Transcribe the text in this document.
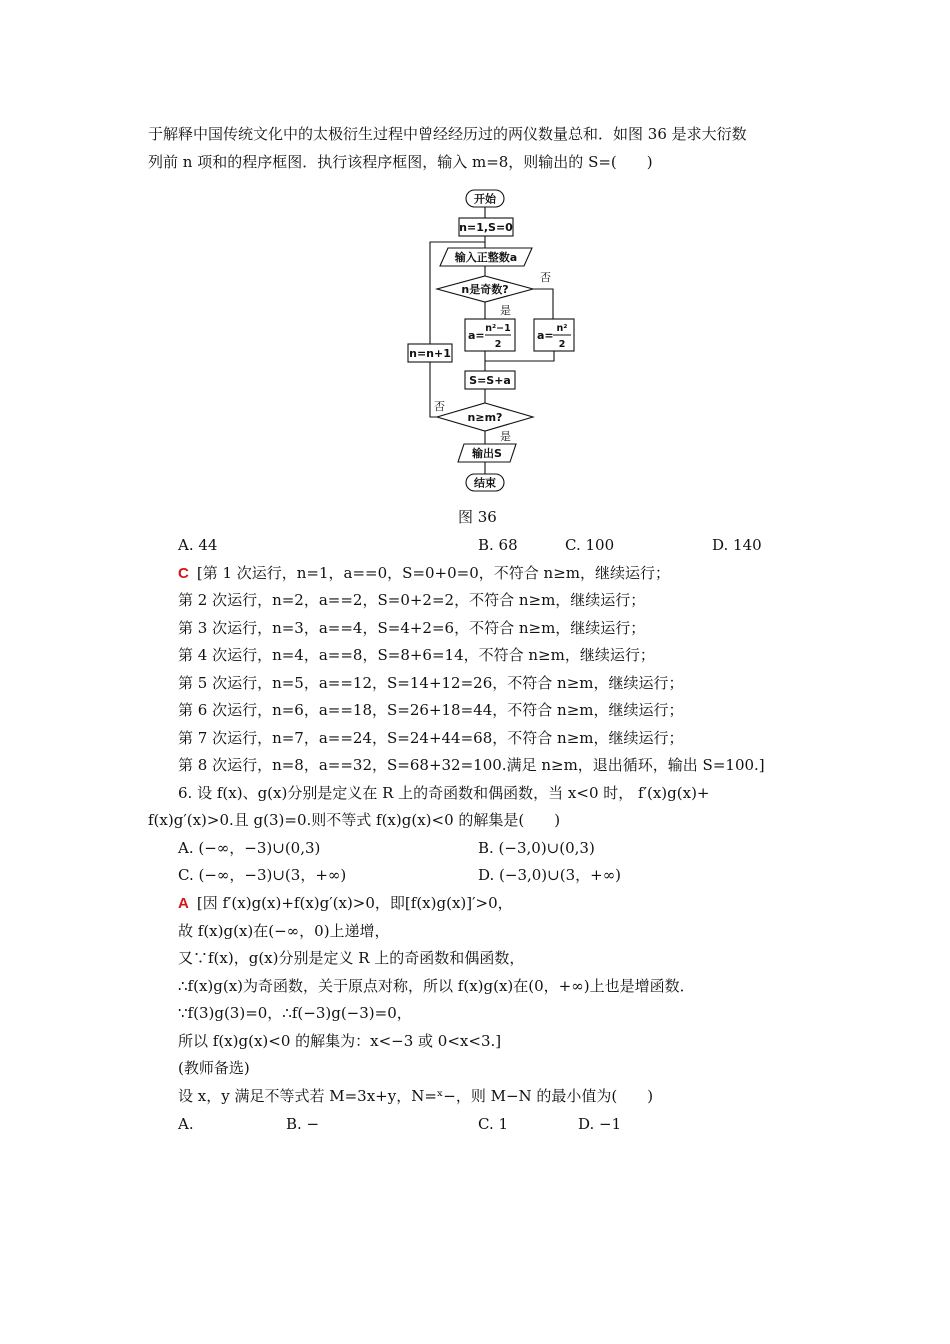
于解释中国传统文化中的太极衍生过程中曾经经历过的两仪数量总和．如图 36 是求大衍数
列前 n 项和的程序框图．执行该程序框图，输入 m=8，则输出的 S=(　　)
开始
n=1,S=0
输入正整数a
n是奇数?
否
是
a=
n²−1
2
a=
n²
2
S=S+a
n≥m?
n=n+1
否
是
输出S
结束
图 36
A. 44	B. 68	C. 100	D. 140
C [第 1 次运行，n=1，a==0，S=0+0=0，不符合 n≥m，继续运行；
第 2 次运行，n=2，a==2，S=0+2=2，不符合 n≥m，继续运行；
第 3 次运行，n=3，a==4，S=4+2=6，不符合 n≥m，继续运行；
第 4 次运行，n=4，a==8，S=8+6=14，不符合 n≥m，继续运行；
第 5 次运行，n=5，a==12，S=14+12=26，不符合 n≥m，继续运行；
第 6 次运行，n=6，a==18，S=26+18=44，不符合 n≥m，继续运行；
第 7 次运行，n=7，a==24，S=24+44=68，不符合 n≥m，继续运行；
第 8 次运行，n=8，a==32，S=68+32=100.满足 n≥m，退出循环，输出 S=100.]
6. 设 f(x)、g(x)分别是定义在 R 上的奇函数和偶函数，当 x<0 时， f′(x)g(x)+
f(x)g′(x)>0.且 g(3)=0.则不等式 f(x)g(x)<0 的解集是(　　)
A. (−∞，−3)∪(0,3)	B. (−3,0)∪(0,3)
C. (−∞，−3)∪(3，+∞)	D. (−3,0)∪(3，+∞)
A [因 f′(x)g(x)+f(x)g′(x)>0，即[f(x)g(x)]′>0，
故 f(x)g(x)在(−∞，0)上递增，
又∵f(x)，g(x)分别是定义 R 上的奇函数和偶函数，
∴f(x)g(x)为奇函数，关于原点对称，所以 f(x)g(x)在(0，+∞)上也是增函数．
∵f(3)g(3)=0，∴f(−3)g(−3)=0，
所以 f(x)g(x)<0 的解集为：x<−3 或 0<x<3.]
(教师备选)
设 x，y 满足不等式若 M=3x+y，N=ˣ−，则 M−N 的最小值为(　　)
A.	B. −	C. 1	D. −1
